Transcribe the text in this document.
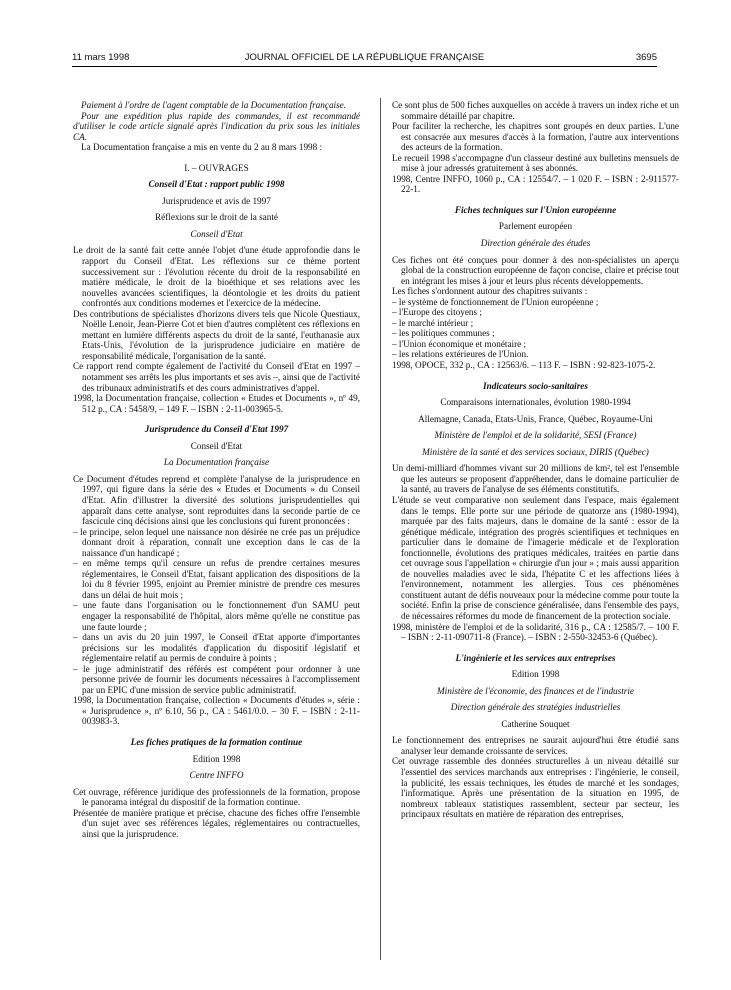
11 mars 1998	JOURNAL OFFICIEL DE LA RÉPUBLIQUE FRANÇAISE	3695

Paiement à l'ordre de l'agent comptable de la Documentation française.

Pour une expédition plus rapide des commandes, il est recommandé d'utiliser le code article signalé après l'indication du prix sous les initiales CA.

La Documentation française a mis en vente du 2 au 8 mars 1998 :

I. – OUVRAGES

Conseil d'Etat : rapport public 1998

Jurisprudence et avis de 1997

Réflexions sur le droit de la santé

Conseil d'Etat

Le droit de la santé fait cette année l'objet d'une étude approfondie dans le rapport du Conseil d'Etat. Les réflexions sur ce thème portent successivement sur : l'évolution récente du droit de la responsabilité en matière médicale, le droit de la bioéthique et ses relations avec les nouvelles avancées scientifiques, la déontologie et les droits du patient confrontés aux conditions modernes et l'exercice de la médecine.

Des contributions de spécialistes d'horizons divers tels que Nicole Questiaux, Noëlle Lenoir, Jean-Pierre Cot et bien d'autres complètent ces réflexions en mettant en lumière différents aspects du droit de la santé, l'euthanasie aux Etats-Unis, l'évolution de la jurisprudence judiciaire en matière de responsabilité médicale, l'organisation de la santé.

Ce rapport rend compte également de l'activité du Conseil d'Etat en 1997 – notamment ses arrêts les plus importants et ses avis –, ainsi que de l'activité des tribunaux administratifs et des cours administratives d'appel.

1998, la Documentation française, collection « Etudes et Documents », nº 49, 512 p., CA : 5458/9, – 149 F. – ISBN : 2-11-003965-5.

Jurisprudence du Conseil d'Etat 1997

Conseil d'Etat

La Documentation française

Ce Document d'études reprend et complète l'analyse de la jurisprudence en 1997, qui figure dans la série des « Etudes et Documents » du Conseil d'Etat. Afin d'illustrer la diversité des solutions jurisprudentielles qui apparaît dans cette analyse, sont reproduites dans la seconde partie de ce fascicule cinq décisions ainsi que les conclusions qui furent prononcées :

– le principe, selon lequel une naissance non désirée ne crée pas un préjudice donnant droit à réparation, connaît une exception dans le cas de la naissance d'un handicapé ;

– en même temps qu'il censure un refus de prendre certaines mesures réglementaires, le Conseil d'Etat, faisant application des dispositions de la loi du 8 février 1995, enjoint au Premier ministre de prendre ces mesures dans un délai de huit mois ;

– une faute dans l'organisation ou le fonctionnement d'un SAMU peut engager la responsabilité de l'hôpital, alors même qu'elle ne constitue pas une faute lourde ;

– dans un avis du 20 juin 1997, le Conseil d'Etat apporte d'importantes précisions sur les modalités d'application du dispositif législatif et réglementaire relatif au permis de conduire à points ;

– le juge administratif des référés est compétent pour ordonner à une personne privée de fournir les documents nécessaires à l'accomplissement par un EPIC d'une mission de service public administratif.

1998, la Documentation française, collection « Documents d'études », série : « Jurisprudence », nº 6.10, 56 p., CA : 5461/0.0. – 30 F. – ISBN : 2-11-003983-3.

Les fiches pratiques de la formation continue

Edition 1998

Centre INFFO

Cet ouvrage, référence juridique des professionnels de la formation, propose le panorama intégral du dispositif de la formation continue.

Présentée de manière pratique et précise, chacune des fiches offre l'ensemble d'un sujet avec ses références légales, réglementaires ou contractuelles, ainsi que la jurisprudence.

Ce sont plus de 500 fiches auxquelles on accède à travers un index riche et un sommaire détaillé par chapitre.

Pour faciliter la recherche, les chapitres sont groupés en deux parties. L'une est consacrée aux mesures d'accès à la formation, l'autre aux interventions des acteurs de la formation.

Le recueil 1998 s'accompagne d'un classeur destiné aux bulletins mensuels de mise à jour adressés gratuitement à ses abonnés.

1998, Centre INFFO, 1060 p., CA : 12554/7. – 1 020 F. – ISBN : 2-911577-22-1.

Fiches techniques sur l'Union européenne

Parlement européen

Direction générale des études

Ces fiches ont été conçues pour donner à des non-spécialistes un aperçu global de la construction européenne de façon concise, claire et précise tout en intégrant les mises à jour et leurs plus récents développements.

Les fiches s'ordonnent autour des chapitres suivants :

– le système de fonctionnement de l'Union européenne ;

– l'Europe des citoyens ;

– le marché intérieur ;

– les politiques communes ;

– l'Union économique et monétaire ;

– les relations extérieures de l'Union.

1998, OPOCE, 332 p., CA : 12563/6. – 113 F. – ISBN : 92-823-1075-2.

Indicateurs socio-sanitaires

Comparaisons internationales, évolution 1980-1994

Allemagne, Canada, Etats-Unis, France, Québec, Royaume-Uni

Ministère de l'emploi et de la solidarité, SESI (France)

Ministère de la santé et des services sociaux, DIRIS (Québec)

Un demi-milliard d'hommes vivant sur 20 millions de km², tel est l'ensemble que les auteurs se proposent d'appréhender, dans le domaine particulier de la santé, au travers de l'analyse de ses éléments constitutifs.

L'étude se veut comparative non seulement dans l'espace, mais également dans le temps. Elle porte sur une période de quatorze ans (1980-1994), marquée par des faits majeurs, dans le domaine de la santé : essor de la génétique médicale, intégration des progrès scientifiques et techniques en particulier dans le domaine de l'imagerie médicale et de l'exploration fonctionnelle, évolutions des pratiques médicales, traitées en partie dans cet ouvrage sous l'appellation « chirurgie d'un jour » ; mais aussi apparition de nouvelles maladies avec le sida, l'hépatite C et les affections liées à l'environnement, notamment les allergies. Tous ces phénomènes constituent autant de défis nouveaux pour la médecine comme pour toute la société. Enfin la prise de conscience généralisée, dans l'ensemble des pays, de nécessaires réformes du mode de financement de la protection sociale.

1998, ministère de l'emploi et de la solidarité, 316 p., CA : 12585/7. – 100 F. – ISBN : 2-11-090711-8 (France). – ISBN : 2-550-32453-6 (Québec).

L'ingénierie et les services aux entreprises

Edition 1998

Ministère de l'économie, des finances et de l'industrie

Direction générale des stratégies industrielles

Catherine Souquet

Le fonctionnement des entreprises ne saurait aujourd'hui être étudié sans analyser leur demande croissante de services.

Cet ouvrage rassemble des données structurelles à un niveau détaillé sur l'essentiel des services marchands aux entreprises : l'ingénierie, le conseil, la publicité, les essais techniques, les études de marché et les sondages, l'informatique. Après une présentation de la situation en 1995, de nombreux tableaux statistiques rassemblent, secteur par secteur, les principaux résultats en matière de réparation des entreprises,
